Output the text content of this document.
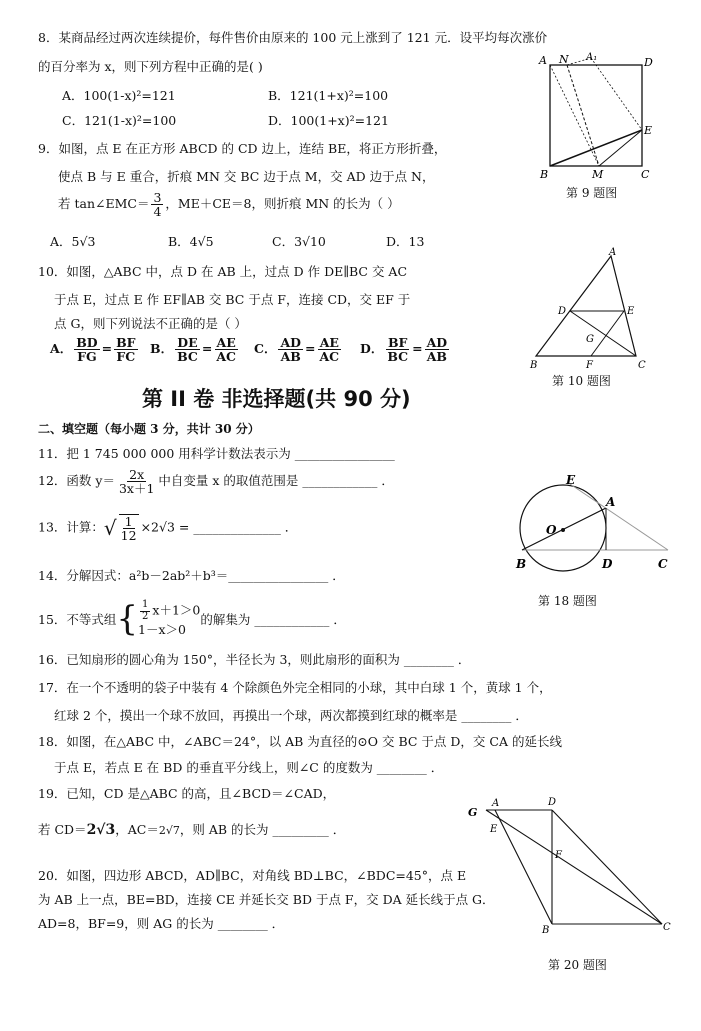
8．某商品经过两次连续提价，每件售价由原来的 100 元上涨到了 121 元．设平均每次涨价
的百分率为 x，则下列方程中正确的是( )
A．100(1-x)²=121	B．121(1+x)²=100
C．121(1-x)²=100	D．100(1+x)²=121
9．如图，点 E 在正方形 ABCD 的 CD 边上，连结 BE，将正方形折叠，
使点 B 与 E 重合，折痕 MN 交 BC 边于点 M，交 AD 边于点 N，
若 tan∠EMC＝ $\frac{3}{4}$ ，ME＋CE＝8，则折痕 MN 的长为（ ）
A．5√3	B．4√5	C．3√10	D．13
A N A₁	D
E
B	M	C
第 9 题图
10．如图，△ABC 中，点 D 在 AB 上，过点 D 作 DE∥BC 交 AC
于点 E，过点 E 作 EF∥AB 交 BC 于点 F，连接 CD，交 EF 于
点 G，则下列说法不正确的是（ ）
A． $\frac{BD}{FG} = \frac{BF}{FC}$ B． $\frac{DE}{BC} = \frac{AE}{AC}$ C． $\frac{AD}{AB} = \frac{AE}{AC}$ D． $\frac{BF}{BC} = \frac{AD}{AB}$
A
D	E
G
B	F	C
第 10 题图
第 II 卷 非选择题(共 90 分)
二、填空题（每小题 3 分，共计 30 分）
11．把 1 745 000 000 用科学计数法表示为 ________________
12．函数 $y= \frac{2x}{3x+1}$ 中自变量 x 的取值范围是 ____________ ．
13．计算：√ $\frac{1}{12} \times 2√3$ = ______________ ．
14．分解因式：a²b－2ab²＋b³＝________________ ．
15．不等式组{ $\frac{1}{2} x+1>0$
1－x＞0
的解集为 ____________ ．
E
A
O
B	D	C
第 18 题图
16．已知扇形的圆心角为 150°，半径长为 3，则此扇形的面积为 ________ ．
17．在一个不透明的袋子中装有 4 个除颜色外完全相同的小球，其中白球 1 个，黄球 1 个，
红球 2 个，摸出一个球不放回，再摸出一个球，两次都摸到红球的概率是 ________ ．
18．如图，在△ABC 中，∠ABC＝24°，以 AB 为直径的⊙O 交 BC 于点 D，交 CA 的延长线
于点 E，若点 E 在 BD 的垂直平分线上，则∠C 的度数为 ________ ．
19．已知，CD 是△ABC 的高，且∠BCD＝∠CAD，
若 CD＝2√3，AC＝2√7，则 AB 的长为 _________ ．
G
A
E
D
F
B	C
第 20 题图
20．如图，四边形 ABCD，AD∥BC，对角线 BD⊥BC，∠BDC=45°，点 E
为 AB 上一点，BE=BD，连接 CE 并延长交 BD 于点 F，交 DA 延长线于点 G．
AD=8，BF=9，则 AG 的长为 ________ ．
